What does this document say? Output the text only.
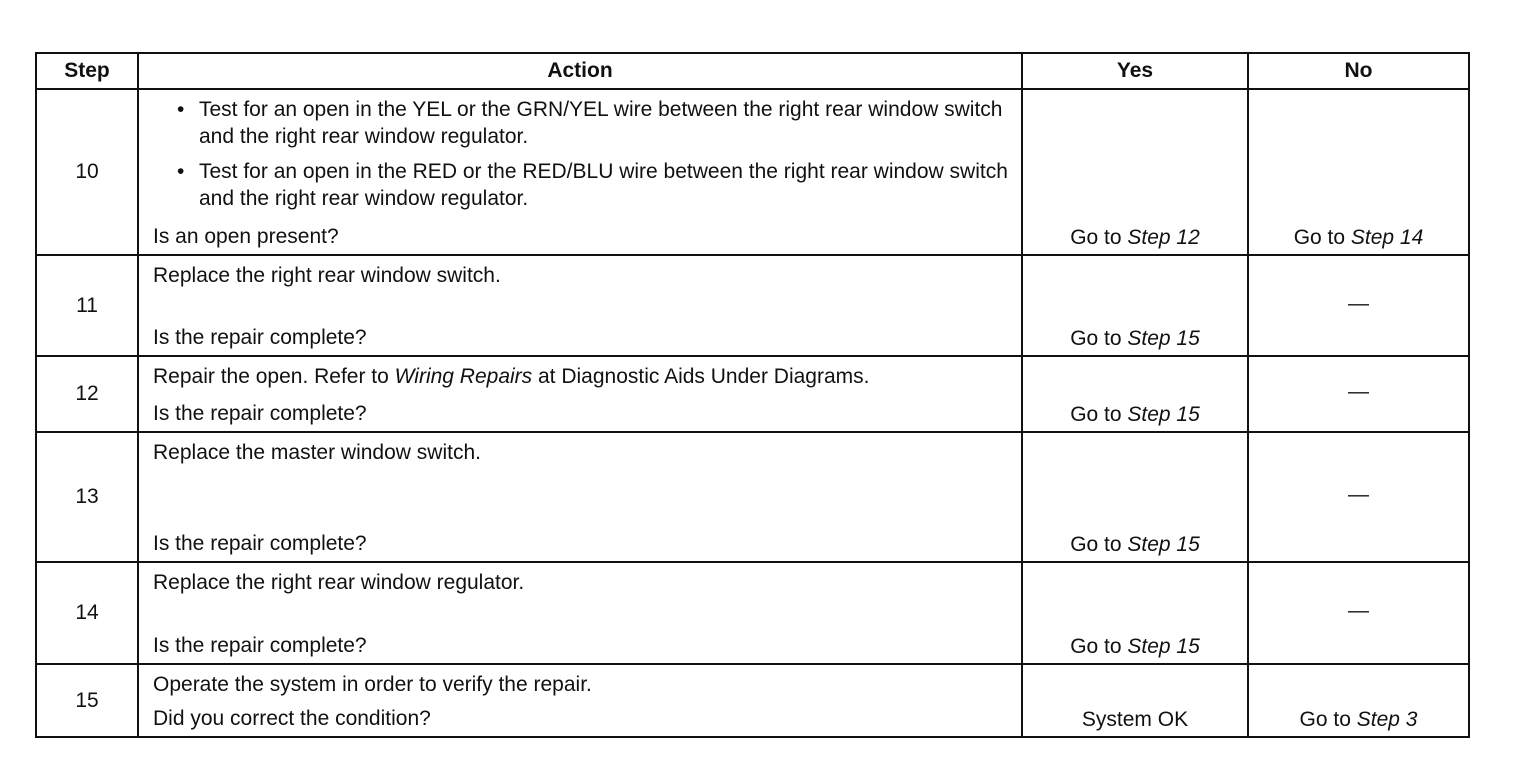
Step	Action	Yes	No
10	• Test for an open in the YEL or the GRN/YEL wire between the right rear window switch and the right rear window regulator.
• Test for an open in the RED or the RED/BLU wire between the right rear window switch and the right rear window regulator.
Is an open present?	Go to Step 12	Go to Step 14
11	Replace the right rear window switch.
Is the repair complete?	Go to Step 15	—
12	Repair the open. Refer to Wiring Repairs at Diagnostic Aids Under Diagrams.
Is the repair complete?	Go to Step 15	—
13	Replace the master window switch.
Is the repair complete?	Go to Step 15	—
14	Replace the right rear window regulator.
Is the repair complete?	Go to Step 15	—
15	Operate the system in order to verify the repair.
Did you correct the condition?	System OK	Go to Step 3
